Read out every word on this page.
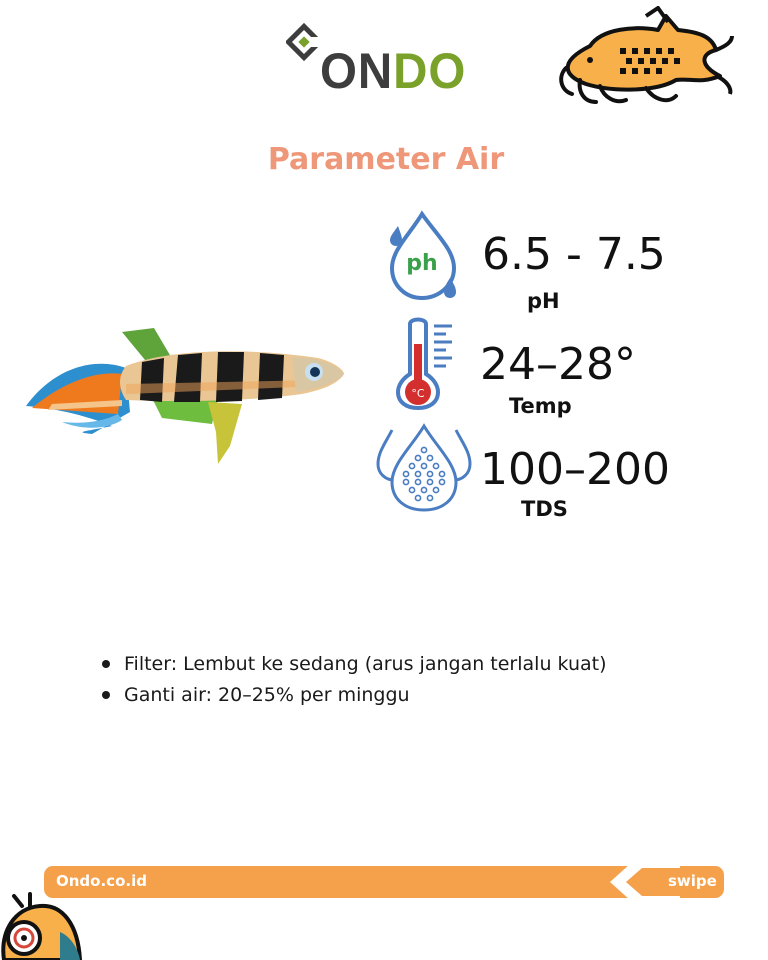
ONDO
Parameter Air
ph 6.5 - 7.5
pH
°C
24–28°
Temp
100–200
TDS
Filter: Lembut ke sedang (arus jangan terlalu kuat)
Ganti air: 20–25% per minggu
Ondo.co.id	swipe
